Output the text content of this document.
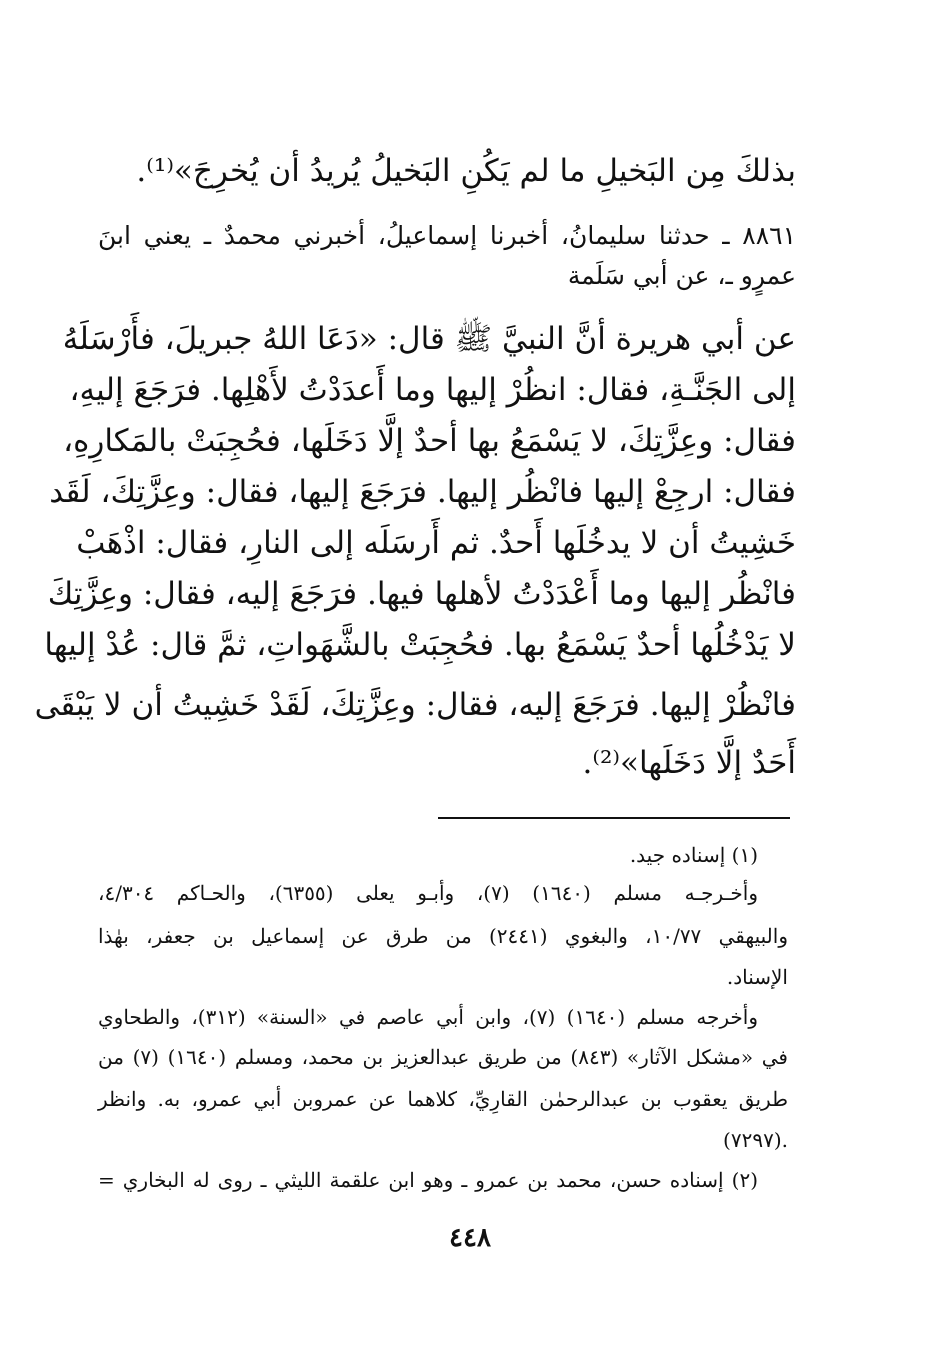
بذلكَ مِن البَخيلِ ما لم يَكُنِ البَخيلُ يُريدُ أن يُخرِجَ»⁽¹⁾.
٨٨٦١ ـ حدثنا سليمانُ، أخبرنا إسماعيلُ، أخبرني محمدٌ ـ يعني ابنَ
عمرٍو ـ، عن أبي سَلَمة
عن أبي هريرة أنَّ النبيَّ ﷺ قال: «دَعَا اللهُ جبريلَ، فأَرْسَلَهُ
إلى الجَنَّـةِ، فقال: انظُرْ إليها وما أَعدَدْتُ لأَهْلِها. فرَجَعَ إليهِ،
فقال: وعِزَّتِكَ، لا يَسْمَعُ بها أحدٌ إلَّا دَخَلَها، فحُجِبَتْ بالمَكارِهِ،
فقال: ارجِعْ إليها فانْظُر إليها. فرَجَعَ إليها، فقال: وعِزَّتِكَ، لَقَد
خَشِيتُ أن لا يدخُلَها أَحدٌ. ثم أَرسَلَه إلى النارِ، فقال: اذْهَبْ
فانْظُر إليها وما أَعْدَدْتُ لأهلها فيها. فرَجَعَ إليه، فقال: وعِزَّتِكَ
لا يَدْخُلُها أحدٌ يَسْمَعُ بها. فحُجِبَتْ بالشَّهَواتِ، ثمَّ قال: عُدْ إليها
فانْظُرْ إليها. فرَجَعَ إليه، فقال: وعِزَّتِكَ، لَقَدْ خَشِيتُ أن لا يَبْقَى
أَحَدٌ إلَّا دَخَلَها»⁽²⁾.
(١) إسناده جيد.
وأخـرجـه مسلم (١٦٤٠) (٧)، وأبـو يعلى (٦٣٥٥)، والحـاكم ٤/٣٠٤،
والبيهقي ١٠/٧٧، والبغوي (٢٤٤١) من طرق عن إسماعيل بن جعفر، بهٰذا
الإسناد.
وأخرجه مسلم (١٦٤٠) (٧)، وابن أبي عاصم في «السنة» (٣١٢)، والطحاوي
في «مشكل الآثار» (٨٤٣) من طريق عبدالعزيز بن محمد، ومسلم (١٦٤٠) (٧) من
طريق يعقوب بن عبدالرحمٰن القارِيِّ، كلاهما عن عمروبن أبي عمرو، به. وانظر
(٧٢٩٧).
(٢) إسناده حسن، محمد بن عمرو ـ وهو ابن علقمة الليثي ـ روى له البخاري =
٤٤٨
